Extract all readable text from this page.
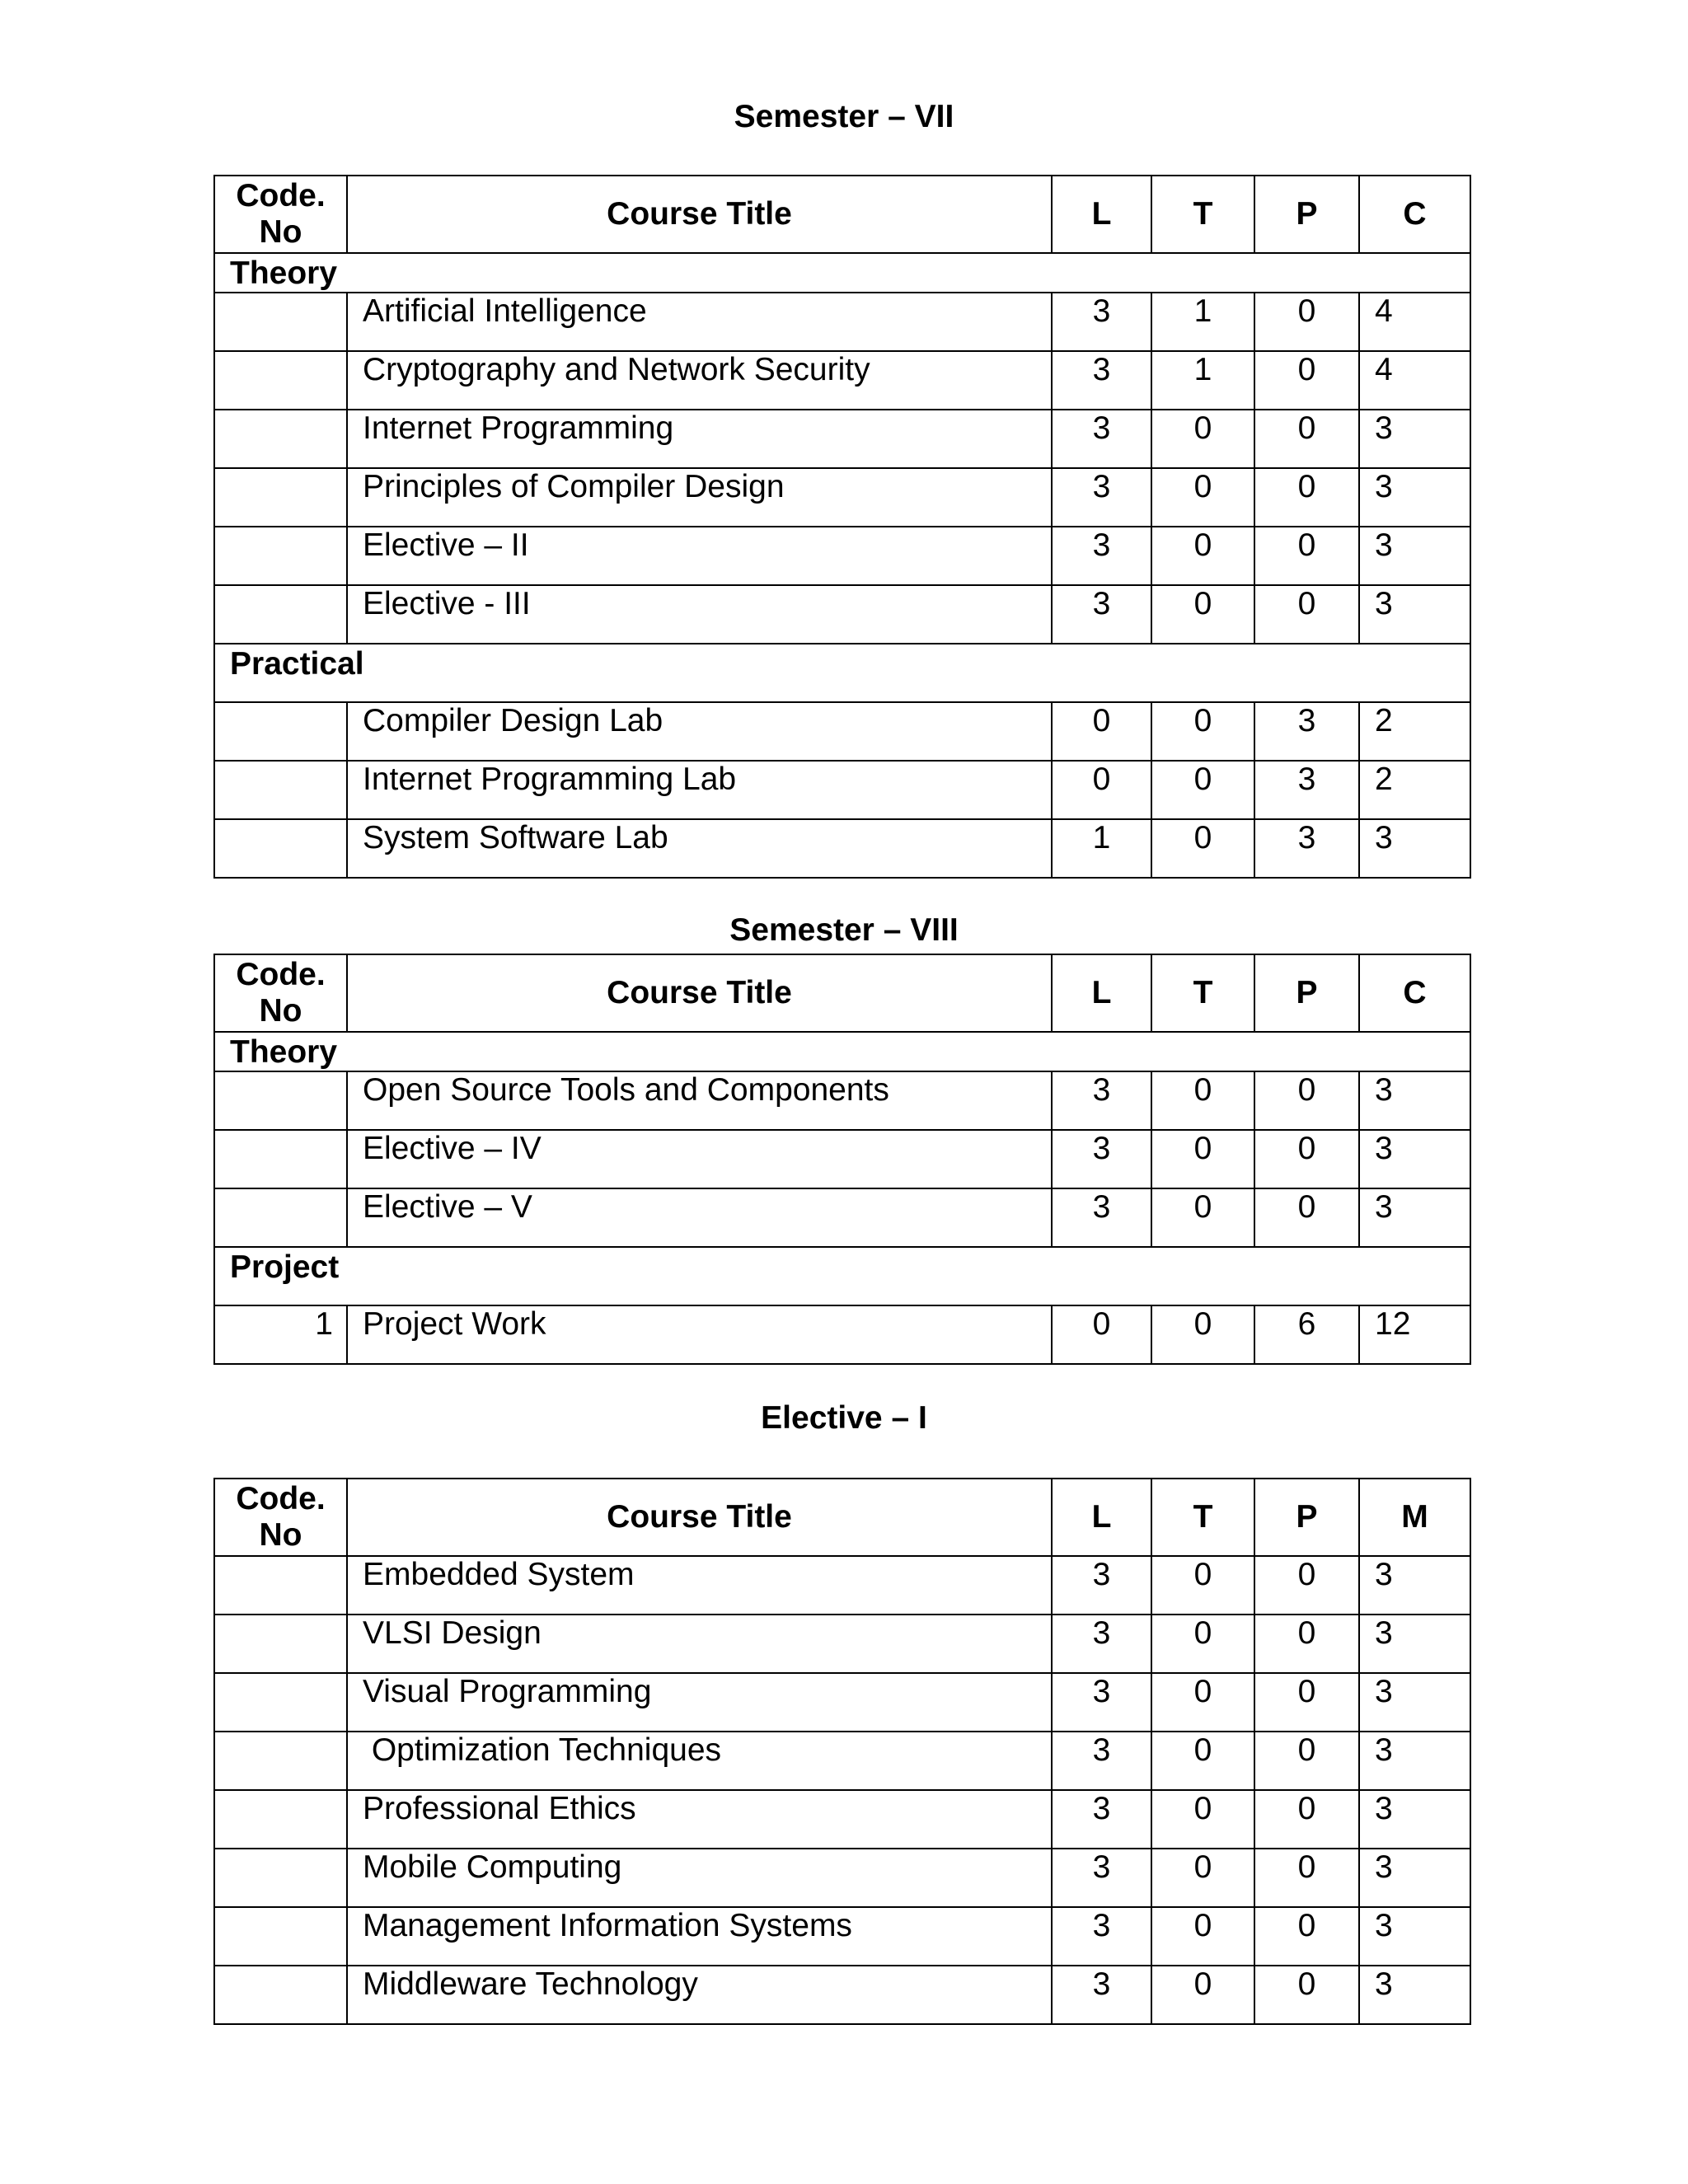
Semester – VII
Code. No	Course Title	L	T	P	C
Theory					
	Artificial Intelligence	3	1	0	4
	Cryptography and Network Security	3	1	0	4
	Internet Programming	3	0	0	3
	Principles of Compiler Design	3	0	0	3
	Elective – II	3	0	0	3
	Elective - III	3	0	0	3
Practical					
	Compiler Design Lab	0	0	3	2
	Internet Programming Lab	0	0	3	2
	System Software Lab	1	0	3	3
Semester – VIII
Code. No	Course Title	L	T	P	C
Theory					
	Open Source Tools and Components	3	0	0	3
	Elective – IV	3	0	0	3
	Elective – V	3	0	0	3
Project					
1	Project Work	0	0	6	12
Elective – I
Code. No	Course Title	L	T	P	M
	Embedded System	3	0	0	3
	VLSI Design	3	0	0	3
	Visual Programming	3	0	0	3
	Optimization Techniques	3	0	0	3
	Professional Ethics	3	0	0	3
	Mobile Computing	3	0	0	3
	Management Information Systems	3	0	0	3
	Middleware Technology	3	0	0	3
